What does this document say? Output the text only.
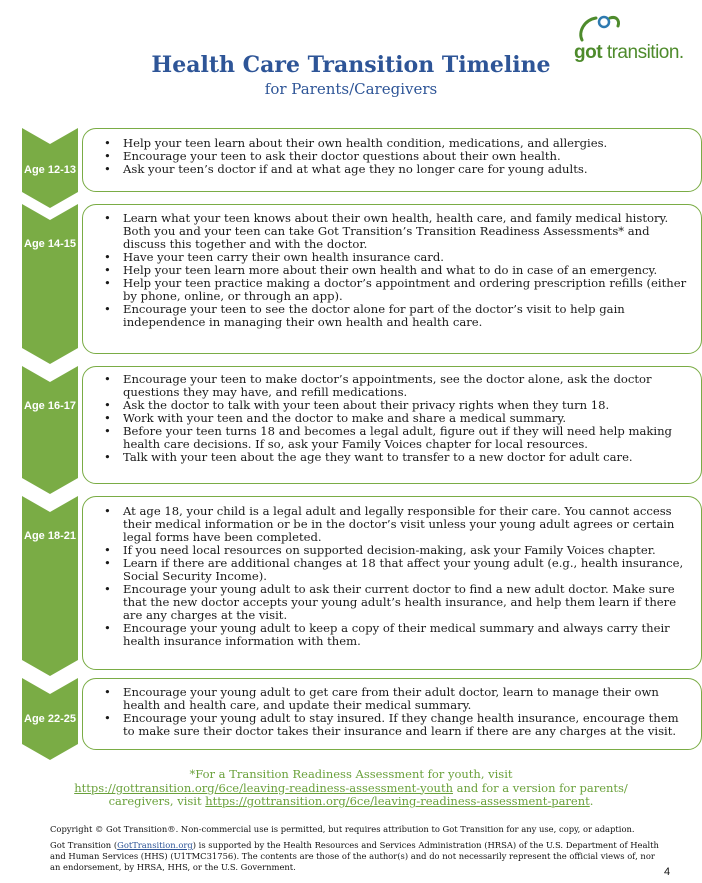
got transition.
Health Care Transition Timeline
for Parents/Caregivers
Age 12-13
• Help your teen learn about their own health condition, medications, and allergies.
• Encourage your teen to ask their doctor questions about their own health.
• Ask your teen’s doctor if and at what age they no longer care for young adults.
Age 14-15
• Learn what your teen knows about their own health, health care, and family medical history. Both you and your teen can take Got Transition’s Transition Readiness Assessments* and discuss this together and with the doctor.
• Have your teen carry their own health insurance card.
• Help your teen learn more about their own health and what to do in case of an emergency.
• Help your teen practice making a doctor’s appointment and ordering prescription refills (either by phone, online, or through an app).
• Encourage your teen to see the doctor alone for part of the doctor’s visit to help gain independence in managing their own health and health care.
Age 16-17
• Encourage your teen to make doctor’s appointments, see the doctor alone, ask the doctor questions they may have, and refill medications.
• Ask the doctor to talk with your teen about their privacy rights when they turn 18.
• Work with your teen and the doctor to make and share a medical summary.
• Before your teen turns 18 and becomes a legal adult, figure out if they will need help making health care decisions. If so, ask your Family Voices chapter for local resources.
• Talk with your teen about the age they want to transfer to a new doctor for adult care.
Age 18-21
• At age 18, your child is a legal adult and legally responsible for their care. You cannot access their medical information or be in the doctor’s visit unless your young adult agrees or certain legal forms have been completed.
• If you need local resources on supported decision-making, ask your Family Voices chapter.
• Learn if there are additional changes at 18 that affect your young adult (e.g., health insurance, Social Security Income).
• Encourage your young adult to ask their current doctor to find a new adult doctor. Make sure that the new doctor accepts your young adult’s health insurance, and help them learn if there are any charges at the visit.
• Encourage your young adult to keep a copy of their medical summary and always carry their health insurance information with them.
Age 22-25
• Encourage your young adult to get care from their adult doctor, learn to manage their own health and health care, and update their medical summary.
• Encourage your young adult to stay insured. If they change health insurance, encourage them to make sure their doctor takes their insurance and learn if there are any charges at the visit.
*For a Transition Readiness Assessment for youth, visit
https://gottransition.org/6ce/leaving-readiness-assessment-youth and for a version for parents/
caregivers, visit https://gottransition.org/6ce/leaving-readiness-assessment-parent.
Copyright © Got Transition®. Non-commercial use is permitted, but requires attribution to Got Transition for any use, copy, or adaption.
Got Transition (GotTransition.org) is supported by the Health Resources and Services Administration (HRSA) of the U.S. Department of Health and Human Services (HHS) (U1TMC31756). The contents are those of the author(s) and do not necessarily represent the official views of, nor an endorsement, by HRSA, HHS, or the U.S. Government.	4
